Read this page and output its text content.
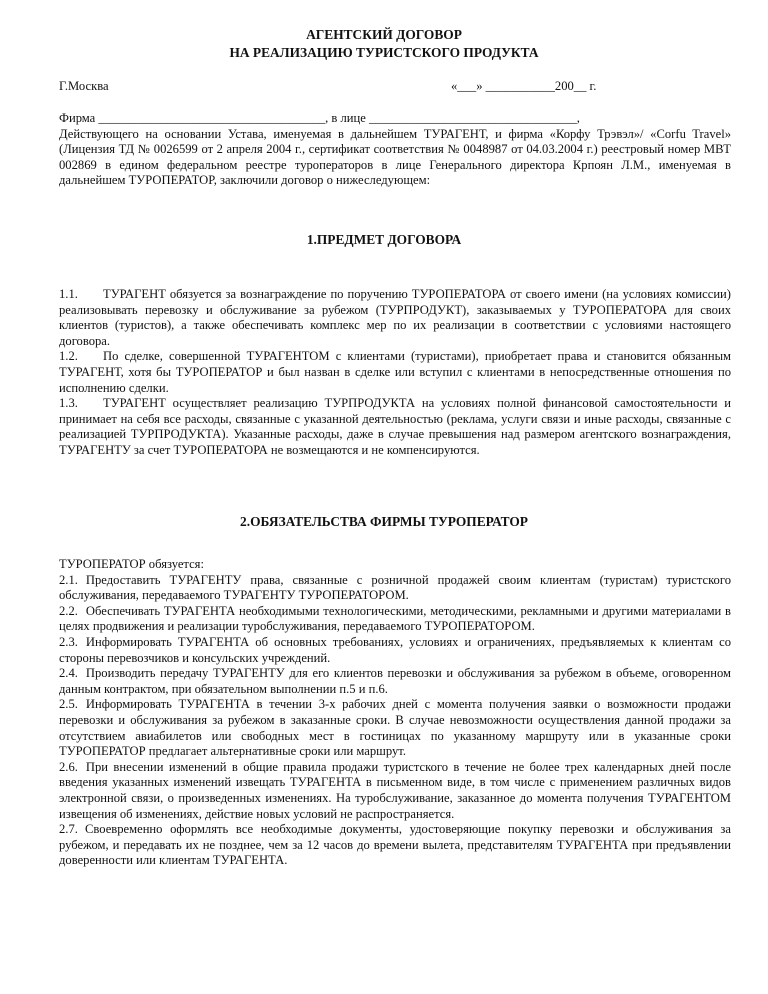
АГЕНТСКИЙ ДОГОВОР
НА РЕАЛИЗАЦИЮ ТУРИСТСКОГО ПРОДУКТА
Г.Москва	«___» ___________200__ г.

Фирма ____________________________________, в лице _________________________________,

Действующего на основании Устава, именуемая в дальнейшем ТУРАГЕНТ, и фирма «Корфу Трэвэл»/ «Corfu Travel» (Лицензия ТД № 0026599 от 2 апреля 2004 г., сертификат соответствия № 0048987 от 04.03.2004 г.) реестровый номер МВТ 002869 в едином федеральном реестре туроператоров в лице Генерального директора Крпоян Л.М., именуемая в дальнейшем ТУРОПЕРАТОР, заключили договор о нижеследующем:

1.ПРЕДМЕТ ДОГОВОРА

1.1. ТУРАГЕНТ обязуется за вознаграждение по поручению ТУРОПЕРАТОРА от своего имени (на условиях комиссии) реализовывать перевозку и обслуживание за рубежом (ТУРПРОДУКТ), заказываемых у ТУРОПЕРАТОРА для своих клиентов (туристов), а также обеспечивать комплекс мер по их реализации в соответствии с условиями настоящего договора.

1.2. По сделке, совершенной ТУРАГЕНТОМ с клиентами (туристами), приобретает права и становится обязанным ТУРАГЕНТ, хотя бы ТУРОПЕРАТОР и был назван в сделке или вступил с клиентами в непосредственные отношения по исполнению сделки.

1.3. ТУРАГЕНТ осуществляет реализацию ТУРПРОДУКТА на условиях полной финансовой самостоятельности и принимает на себя все расходы, связанные с указанной деятельностью (реклама, услуги связи и иные расходы, связанные с реализацией ТУРПРОДУКТА). Указанные расходы, даже в случае превышения над размером агентского вознаграждения, ТУРАГЕНТУ за счет ТУРОПЕРАТОРА не возмещаются и не компенсируются.

2.ОБЯЗАТЕЛЬСТВА ФИРМЫ ТУРОПЕРАТОР

ТУРОПЕРАТОР обязуется:

2.1. Предоставить ТУРАГЕНТУ права, связанные с розничной продажей своим клиентам (туристам) туристского обслуживания, передаваемого ТУРАГЕНТУ ТУРОПЕРАТОРОМ.

2.2. Обеспечивать ТУРАГЕНТА необходимыми технологическими, методическими, рекламными и другими материалами в целях продвижения и реализации туробслуживания, передаваемого ТУРОПЕРАТОРОМ.

2.3. Информировать ТУРАГЕНТА об основных требованиях, условиях и ограничениях, предъявляемых к клиентам со стороны перевозчиков и консульских учреждений.

2.4. Производить передачу ТУРАГЕНТУ для его клиентов перевозки и обслуживания за рубежом в объеме, оговоренном данным контрактом, при обязательном выполнении п.5 и п.6.

2.5. Информировать ТУРАГЕНТА в течении 3-х рабочих дней с момента получения заявки о возможности продажи перевозки и обслуживания за рубежом в заказанные сроки. В случае невозможности осуществления данной продажи за отсутствием авиабилетов или свободных мест в гостиницах по указанному маршруту или в указанные сроки ТУРОПЕРАТОР предлагает альтернативные сроки или маршрут.

2.6. При внесении изменений в общие правила продажи туристского в течение не более трех календарных дней после введения указанных изменений извещать ТУРАГЕНТА в письменном виде, в том числе с применением различных видов электронной связи, о произведенных изменениях. На туробслуживание, заказанное до момента получения ТУРАГЕНТОМ извещения об изменениях, действие новых условий не распространяется.

2.7. Своевременно оформлять все необходимые документы, удостоверяющие покупку перевозки и обслуживания за рубежом, и передавать их не позднее, чем за 12 часов до времени вылета, представителям ТУРАГЕНТА при предъявлении доверенности или клиентам ТУРАГЕНТА.
